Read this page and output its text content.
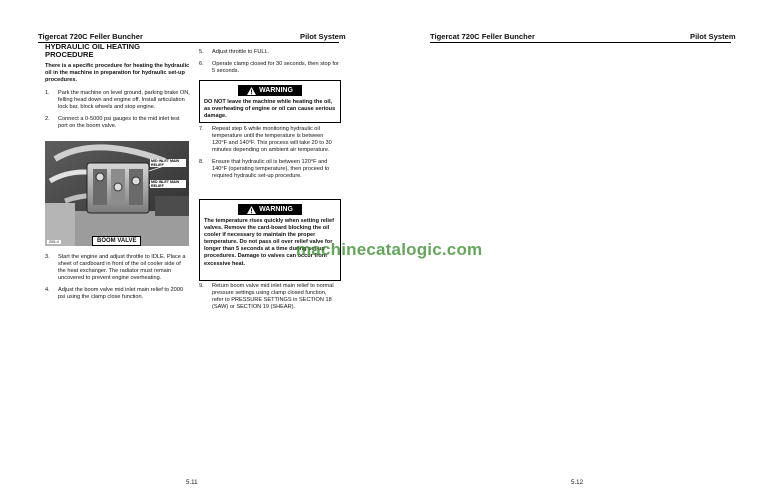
Tigercat 720C Feller Buncher	Pilot System
HYDRAULIC OIL HEATING PROCEDURE
There is a specific procedure for heating the hydraulic oil in the machine in preparation for hydraulic set-up procedures.
1. Park the machine on level ground, parking brake ON, felling head down and engine off. Install articulation lock bar, block wheels and stop engine.
2. Connect a 0-5000 psi gauges to the mid inlet test port on the boom valve.
MID INLET MAIN RELIEF
MID INLET MAIN RELIEF
205-4	BOOM VALVE
3. Start the engine and adjust throttle to IDLE. Place a sheet of cardboard in front of the oil cooler side of the heat exchanger. The radiator must remain uncovered to prevent engine overheating.
4. Adjust the boom valve mid inlet main relief to 2000 psi using the clamp close function.
5. Adjust throttle to FULL.
6. Operate clamp closed for 30 seconds, then stop for 5 seconds.
WARNING
DO NOT leave the machine while heating the oil, as overheating of engine or oil can cause serious damage.
7. Repeat step 6 while monitoring hydraulic oil temperature until the temperature is between 120°F and 140°F. This process will take 20 to 30 minutes depending on ambient air temperature.
8. Ensure that hydraulic oil is between 120°F and 140°F (operating temperature), then proceed to required hydraulic set-up procedure.
WARNING
The temperature rises quickly when setting relief valves. Remove the card-board blocking the oil cooler if necessary to maintain the proper temperature. Do not pass oil over relief valve for longer than 5 seconds at a time during set-up procedures. Damage to valves can occur from excessive heat.
9. Return boom valve mid inlet main relief to normal pressure settings using clamp closed function, refer to PRESSURE SETTINGS in SECTION 18 (SAW) or SECTION 19 (SHEAR).
5.11
Tigercat 720C Feller Buncher	Pilot System
5.12
machinecatalogic.com
